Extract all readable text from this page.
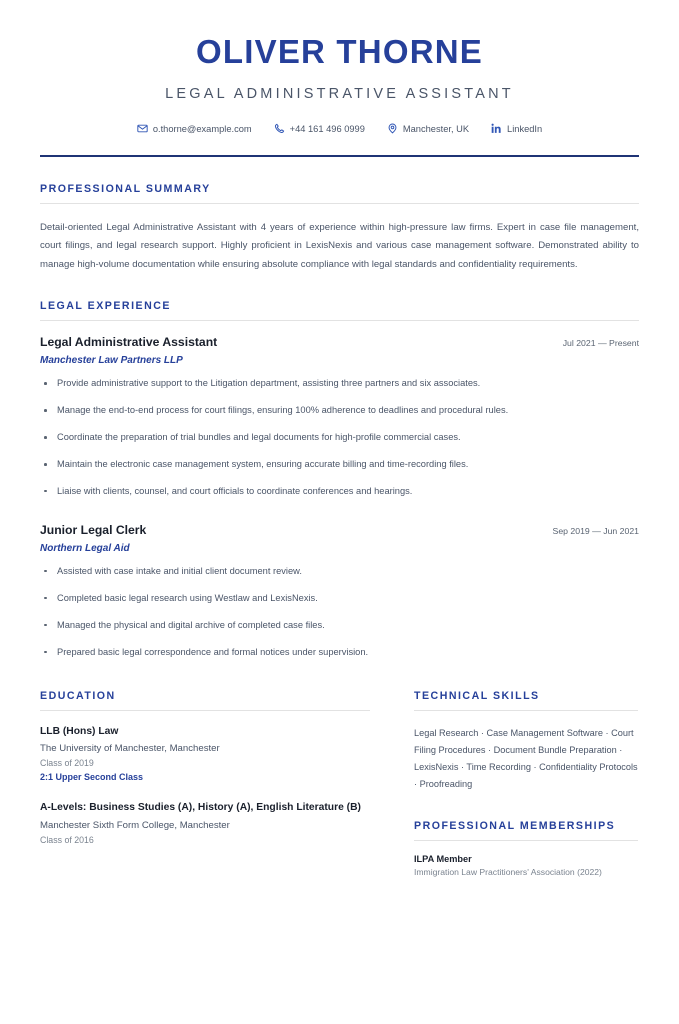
OLIVER THORNE
LEGAL ADMINISTRATIVE ASSISTANT
o.thorne@example.com	+44 161 496 0999	Manchester, UK	LinkedIn
PROFESSIONAL SUMMARY
Detail-oriented Legal Administrative Assistant with 4 years of experience within high-pressure law firms. Expert in case file management, court filings, and legal research support. Highly proficient in LexisNexis and various case management software. Demonstrated ability to manage high-volume documentation while ensuring absolute compliance with legal standards and confidentiality requirements.
LEGAL EXPERIENCE
Legal Administrative Assistant	Jul 2021 — Present
Manchester Law Partners LLP
Provide administrative support to the Litigation department, assisting three partners and six associates.
Manage the end-to-end process for court filings, ensuring 100% adherence to deadlines and procedural rules.
Coordinate the preparation of trial bundles and legal documents for high-profile commercial cases.
Maintain the electronic case management system, ensuring accurate billing and time-recording files.
Liaise with clients, counsel, and court officials to coordinate conferences and hearings.
Junior Legal Clerk	Sep 2019 — Jun 2021
Northern Legal Aid
Assisted with case intake and initial client document review.
Completed basic legal research using Westlaw and LexisNexis.
Managed the physical and digital archive of completed case files.
Prepared basic legal correspondence and formal notices under supervision.
EDUCATION
LLB (Hons) Law
The University of Manchester, Manchester
Class of 2019
2:1 Upper Second Class
A-Levels: Business Studies (A), History (A), English Literature (B)
Manchester Sixth Form College, Manchester
Class of 2016
TECHNICAL SKILLS
Legal Research · Case Management Software · Court Filing Procedures · Document Bundle Preparation · LexisNexis · Time Recording · Confidentiality Protocols · Proofreading
PROFESSIONAL MEMBERSHIPS
ILPA Member
Immigration Law Practitioners' Association (2022)
